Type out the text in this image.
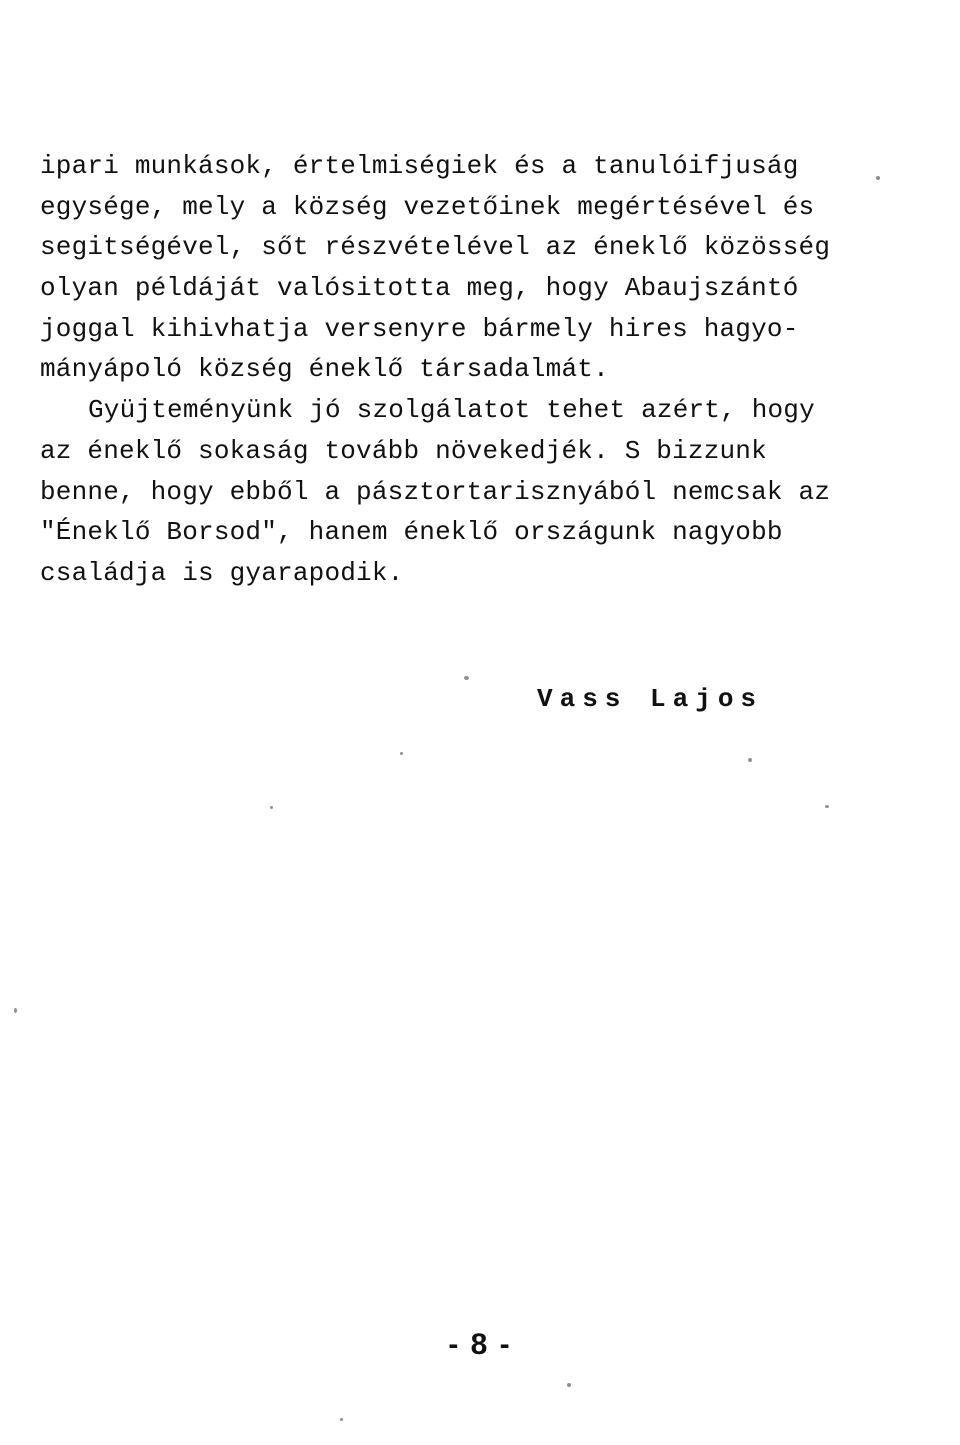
ipari munkások, értelmiségiek és a tanulóifjuság
egysége, mely a község vezetőinek megértésével és
segitségével, sőt részvételével az éneklő közösség
olyan példáját valósitotta meg, hogy Abaujszántó
joggal kihivhatja versenyre bármely hires hagyo-
mányápoló község éneklő társadalmát.
Gyüjteményünk jó szolgálatot tehet azért, hogy
az éneklő sokaság tovább növekedjék. S bizzunk
benne, hogy ebből a pásztortarisznyából nemcsak az
"Éneklő Borsod", hanem éneklő országunk nagyobb
családja is gyarapodik.
Vass Lajos
- 8 -
